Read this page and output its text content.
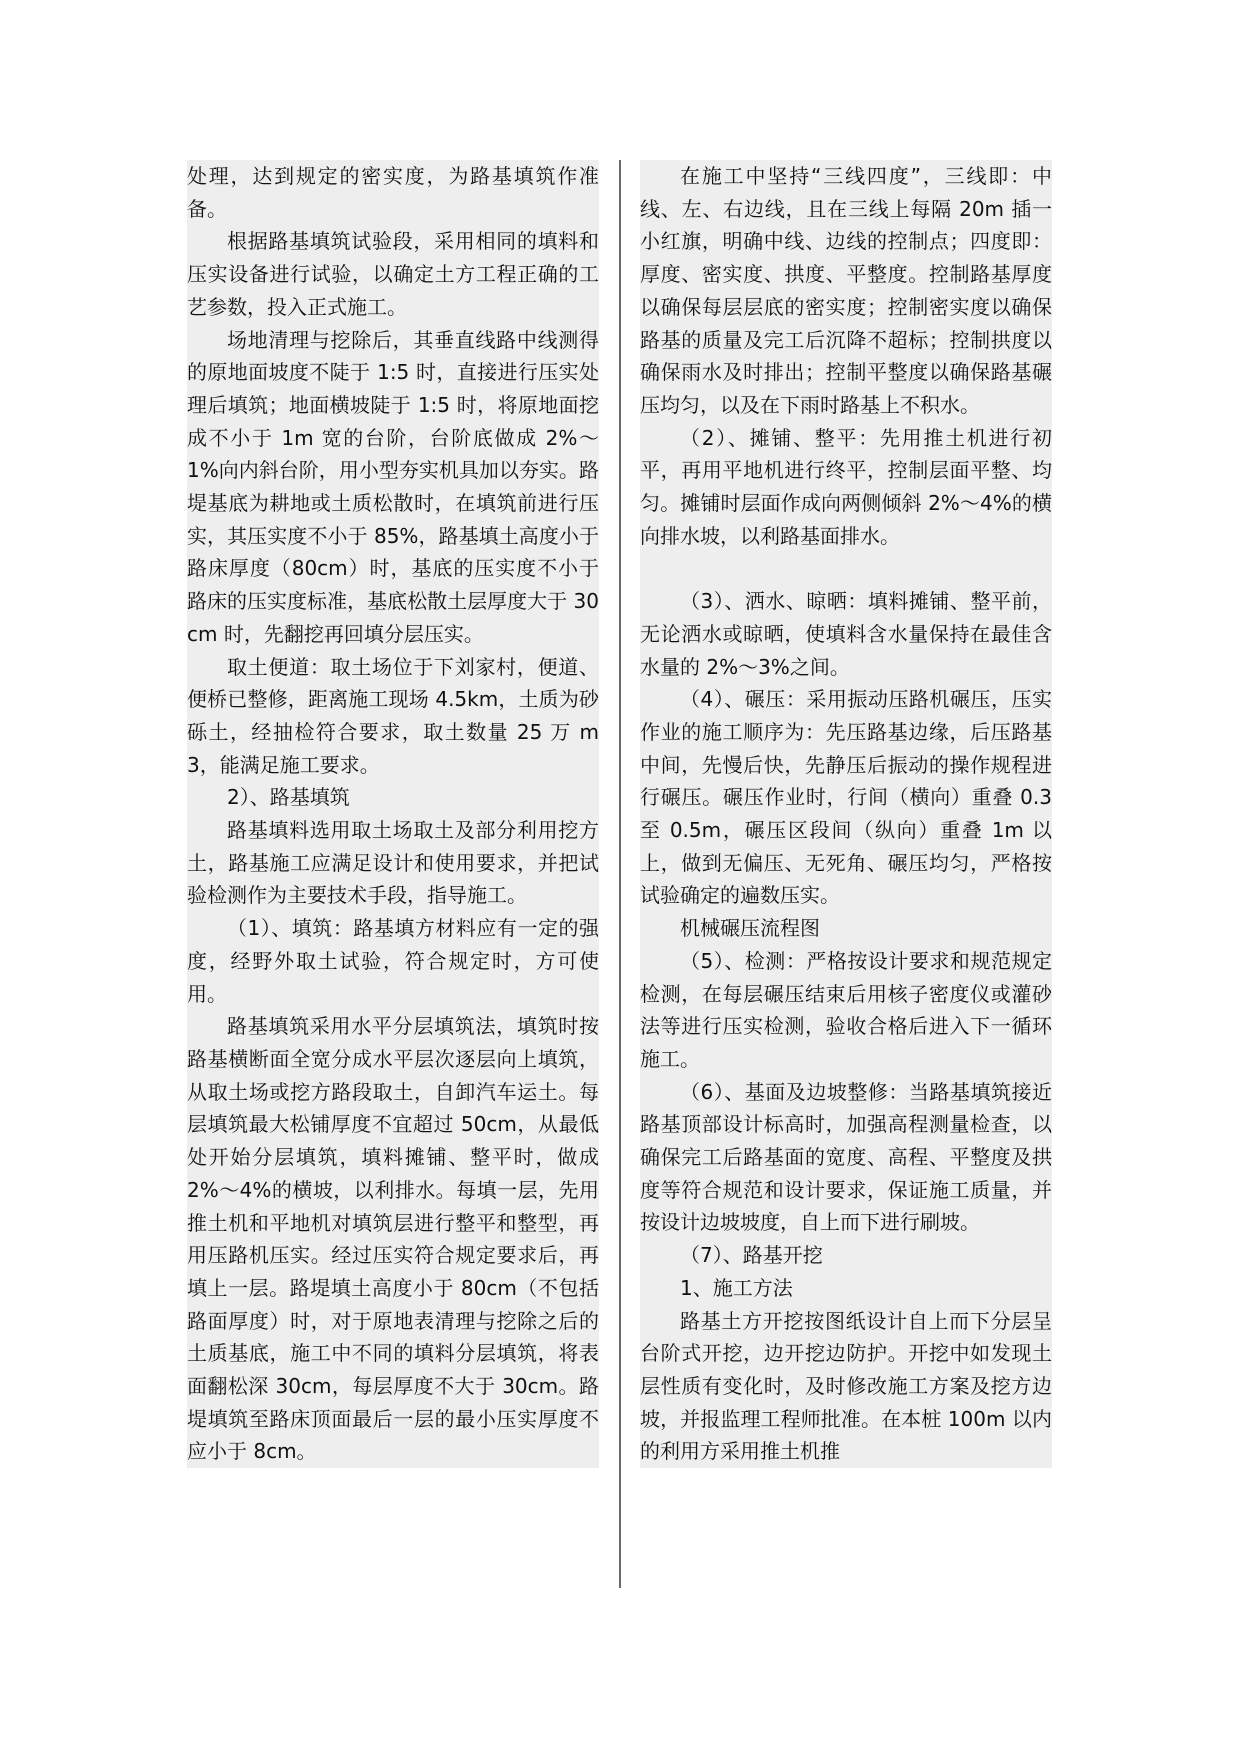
处理，达到规定的密实度，为路基填筑作准备。

根据路基填筑试验段，采用相同的填料和压实设备进行试验，以确定土方工程正确的工艺参数，投入正式施工。

场地清理与挖除后，其垂直线路中线测得的原地面坡度不陡于 1:5 时，直接进行压实处理后填筑；地面横坡陡于 1:5 时，将原地面挖成不小于 1m 宽的台阶，台阶底做成 2%～1%向内斜台阶，用小型夯实机具加以夯实。路堤基底为耕地或土质松散时，在填筑前进行压实，其压实度不小于 85%，路基填土高度小于路床厚度（80cm）时，基底的压实度不小于路床的压实度标准，基底松散土层厚度大于 30cm 时，先翻挖再回填分层压实。

取土便道：取土场位于下刘家村，便道、便桥已整修，距离施工现场 4.5km，土质为砂砾土，经抽检符合要求，取土数量 25 万 m3，能满足施工要求。

2）、路基填筑

路基填料选用取土场取土及部分利用挖方土，路基施工应满足设计和使用要求，并把试验检测作为主要技术手段，指导施工。

（1）、填筑：路基填方材料应有一定的强度，经野外取土试验，符合规定时，方可使用。

路基填筑采用水平分层填筑法，填筑时按路基横断面全宽分成水平层次逐层向上填筑，从取土场或挖方路段取土，自卸汽车运土。每层填筑最大松铺厚度不宜超过 50cm，从最低处开始分层填筑，填料摊铺、整平时，做成 2%～4%的横坡，以利排水。每填一层，先用推土机和平地机对填筑层进行整平和整型，再用压路机压实。经过压实符合规定要求后，再填上一层。路堤填土高度小于 80cm（不包括路面厚度）时，对于原地表清理与挖除之后的土质基底，施工中不同的填料分层填筑，将表面翻松深 30cm，每层厚度不大于 30cm。路堤填筑至路床顶面最后一层的最小压实厚度不应小于 8cm。

在施工中坚持“三线四度”，三线即：中线、左、右边线，且在三线上每隔 20m 插一小红旗，明确中线、边线的控制点；四度即：厚度、密实度、拱度、平整度。控制路基厚度以确保每层层底的密实度；控制密实度以确保路基的质量及完工后沉降不超标；控制拱度以确保雨水及时排出；控制平整度以确保路基碾压均匀，以及在下雨时路基上不积水。

（2）、摊铺、整平：先用推土机进行初平，再用平地机进行终平，控制层面平整、均匀。摊铺时层面作成向两侧倾斜 2%～4%的横向排水坡，以利路基面排水。

（3）、洒水、晾晒：填料摊铺、整平前，无论洒水或晾晒，使填料含水量保持在最佳含水量的 2%～3%之间。

（4）、碾压：采用振动压路机碾压，压实作业的施工顺序为：先压路基边缘，后压路基中间，先慢后快，先静压后振动的操作规程进行碾压。碾压作业时，行间（横向）重叠 0.3 至 0.5m，碾压区段间（纵向）重叠 1m 以上，做到无偏压、无死角、碾压均匀，严格按试验确定的遍数压实。

机械碾压流程图

（5）、检测：严格按设计要求和规范规定检测，在每层碾压结束后用核子密度仪或灌砂法等进行压实检测，验收合格后进入下一循环施工。

（6）、基面及边坡整修：当路基填筑接近路基顶部设计标高时，加强高程测量检查，以确保完工后路基面的宽度、高程、平整度及拱度等符合规范和设计要求，保证施工质量，并按设计边坡坡度，自上而下进行刷坡。

（7）、路基开挖

1、施工方法

路基土方开挖按图纸设计自上而下分层呈台阶式开挖，边开挖边防护。开挖中如发现土层性质有变化时，及时修改施工方案及挖方边坡，并报监理工程师批准。在本桩 100m 以内的利用方采用推土机推
